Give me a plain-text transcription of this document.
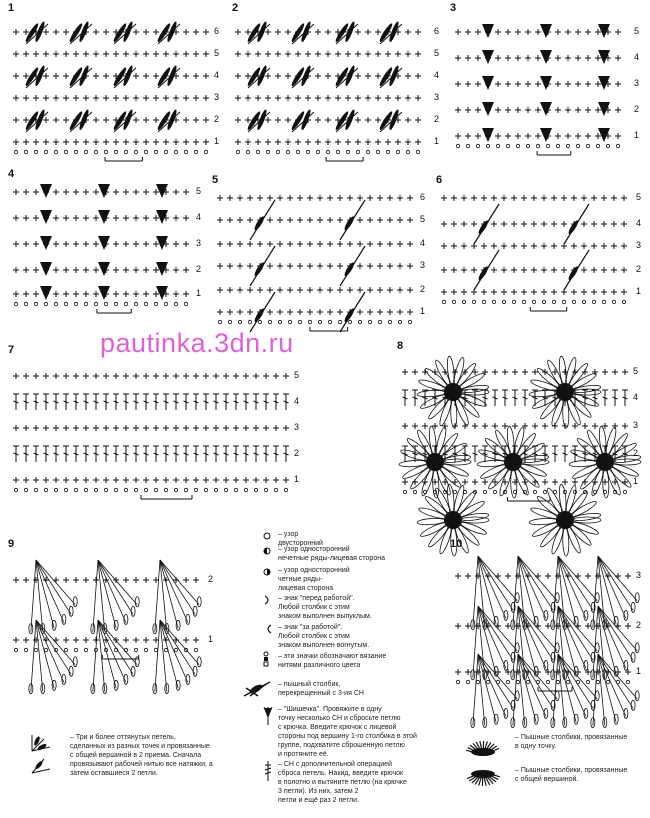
pautinka.3dn.ru
1
6
5
4
3
2
1
2
6
5
4
3
2
1
3
5
4
3
2
1
4
5
4
3
2
1
5
6
5
4
3
2
1
6
5
4
3
2
1
7
5
4
3
2
1
8
5
4
3
2
1
9
2
1
10
3
2
1
– узор двусторонний
– узор односторонний
нечетные ряды-лицевая сторона
– узор односторонний
четные ряды-
лицевая сторона
– знак "перед работой".
Любой столбик с этим
знаком выполнен выпуклым.
– знак "за работой".
Любой столбик с этим
знаком выполнен вогнутым.
– эти значки обозначают вязание
нитями различного цвета
– пышный столбик,
перекрещенный с 3-ия СН
– "Шишечка". Провяжите в одну
точку несколько СН и сбросьте петлю
с крючка. Введите крючок с лицевой
стороны под вершину 1-го столбика в этой
группе, подхватите сброшенную петлю
и протяните её.
– СН с дополнительной операцией
сброса петель. Накид, введите крючок
в полотно и вытяните петлю (на крючке
3 петли). Из них, затем 2
петли и ещё раз 2 петли.
– Три и более оттянутых петель,
сделанных из разных точек и провязанные
с общей вершиной в 2 приема. Сначала
провязывают рабочей нитью все натяжки, а
затем оставшиеся 2 петли.
– Пышные столбики, провязанные
в одну точку.
– Пышные столбики, провязанные
с общей вершиной.
